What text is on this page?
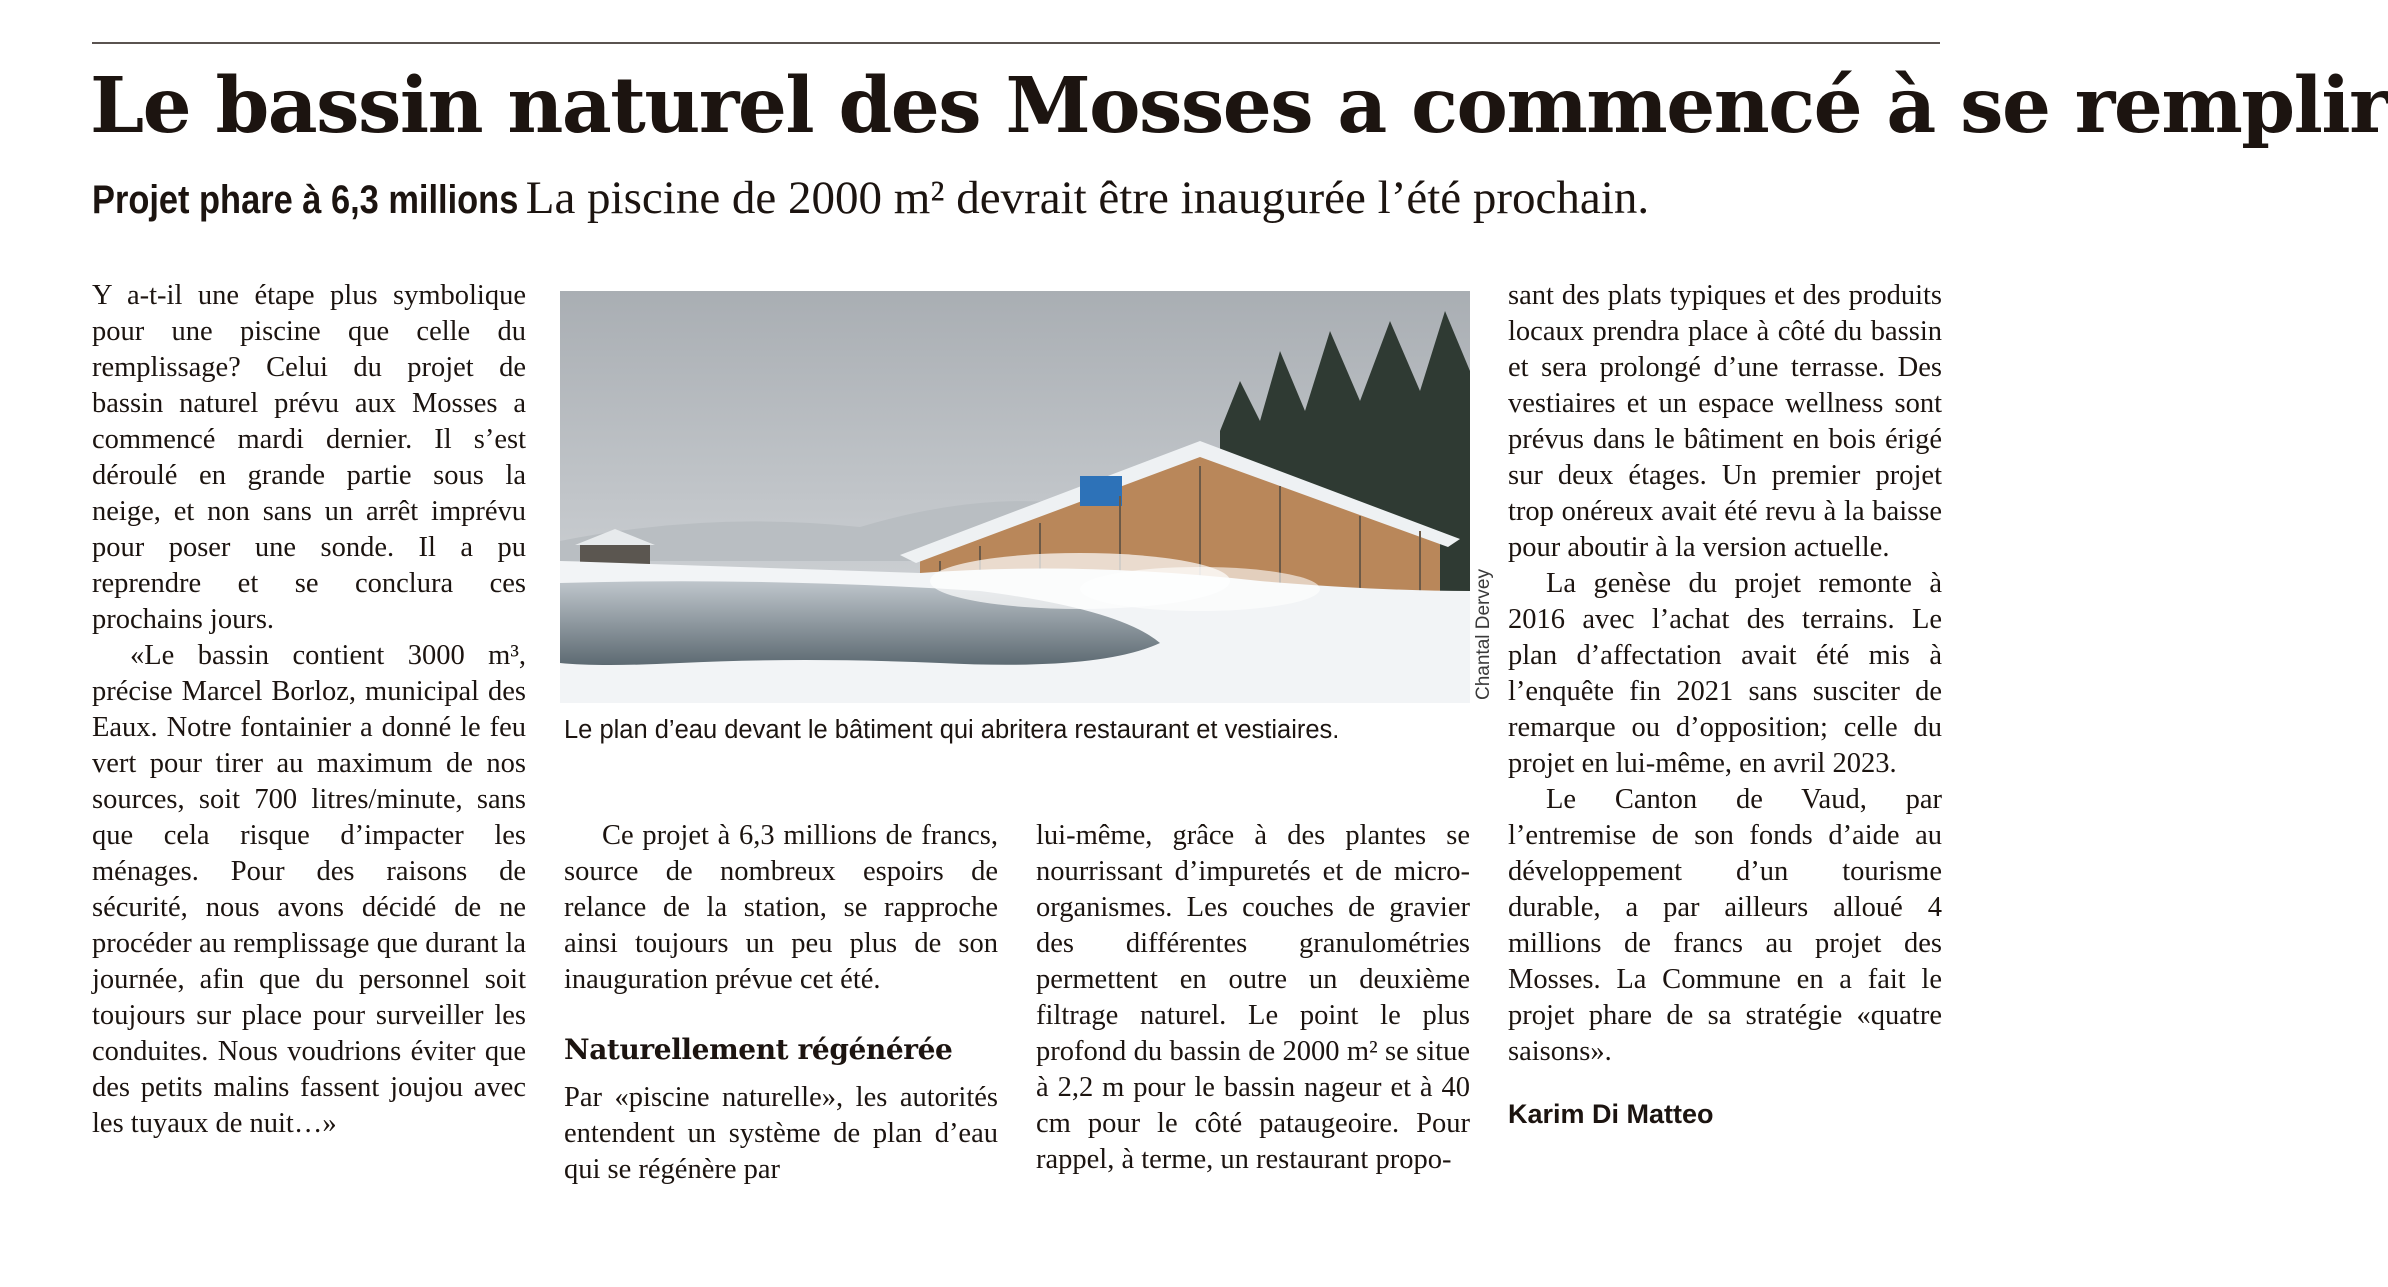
Le bassin naturel des Mosses a commencé à se remplir
Projet phare à 6,3 millions La piscine de 2000 m² devrait être inaugurée l’été prochain.

Y a-t-il une étape plus symbolique pour une piscine que celle du remplissage? Celui du projet de bassin naturel prévu aux Mosses a commencé mardi dernier. Il s’est déroulé en grande partie sous la neige, et non sans un arrêt imprévu pour poser une sonde. Il a pu reprendre et se conclura ces prochains jours.

«Le bassin contient 3000 m³, précise Marcel Borloz, municipal des Eaux. Notre fontainier a donné le feu vert pour tirer au maximum de nos sources, soit 700 litres/minute, sans que cela risque d’impacter les ménages. Pour des raisons de sécurité, nous avons décidé de ne procéder au remplissage que durant la journée, afin que du personnel soit toujours sur place pour surveiller les conduites. Nous voudrions éviter que des petits malins fassent joujou avec les tuyaux de nuit…»

Chantal Dervey
Le plan d’eau devant le bâtiment qui abritera restaurant et vestiaires.

Ce projet à 6,3 millions de francs, source de nombreux espoirs de relance de la station, se rapproche ainsi toujours un peu plus de son inauguration prévue cet été.

Naturellement régénérée

Par «piscine naturelle», les autorités entendent un système de plan d’eau qui se régénère par

lui-même, grâce à des plantes se nourrissant d’impuretés et de micro-organismes. Les couches de gravier des différentes granulométries permettent en outre un deuxième filtrage naturel. Le point le plus profond du bassin de 2000 m² se situe à 2,2 m pour le bassin nageur et à 40 cm pour le côté pataugeoire. Pour rappel, à terme, un restaurant propo-

sant des plats typiques et des produits locaux prendra place à côté du bassin et sera prolongé d’une terrasse. Des vestiaires et un espace wellness sont prévus dans le bâtiment en bois érigé sur deux étages. Un premier projet trop onéreux avait été revu à la baisse pour aboutir à la version actuelle.

La genèse du projet remonte à 2016 avec l’achat des terrains. Le plan d’affectation avait été mis à l’enquête fin 2021 sans susciter de remarque ou d’opposition; celle du projet en lui-même, en avril 2023.

Le Canton de Vaud, par l’entremise de son fonds d’aide au développement d’un tourisme durable, a par ailleurs alloué 4 millions de francs au projet des Mosses. La Commune en a fait le projet phare de sa stratégie «quatre saisons».

Karim Di Matteo
